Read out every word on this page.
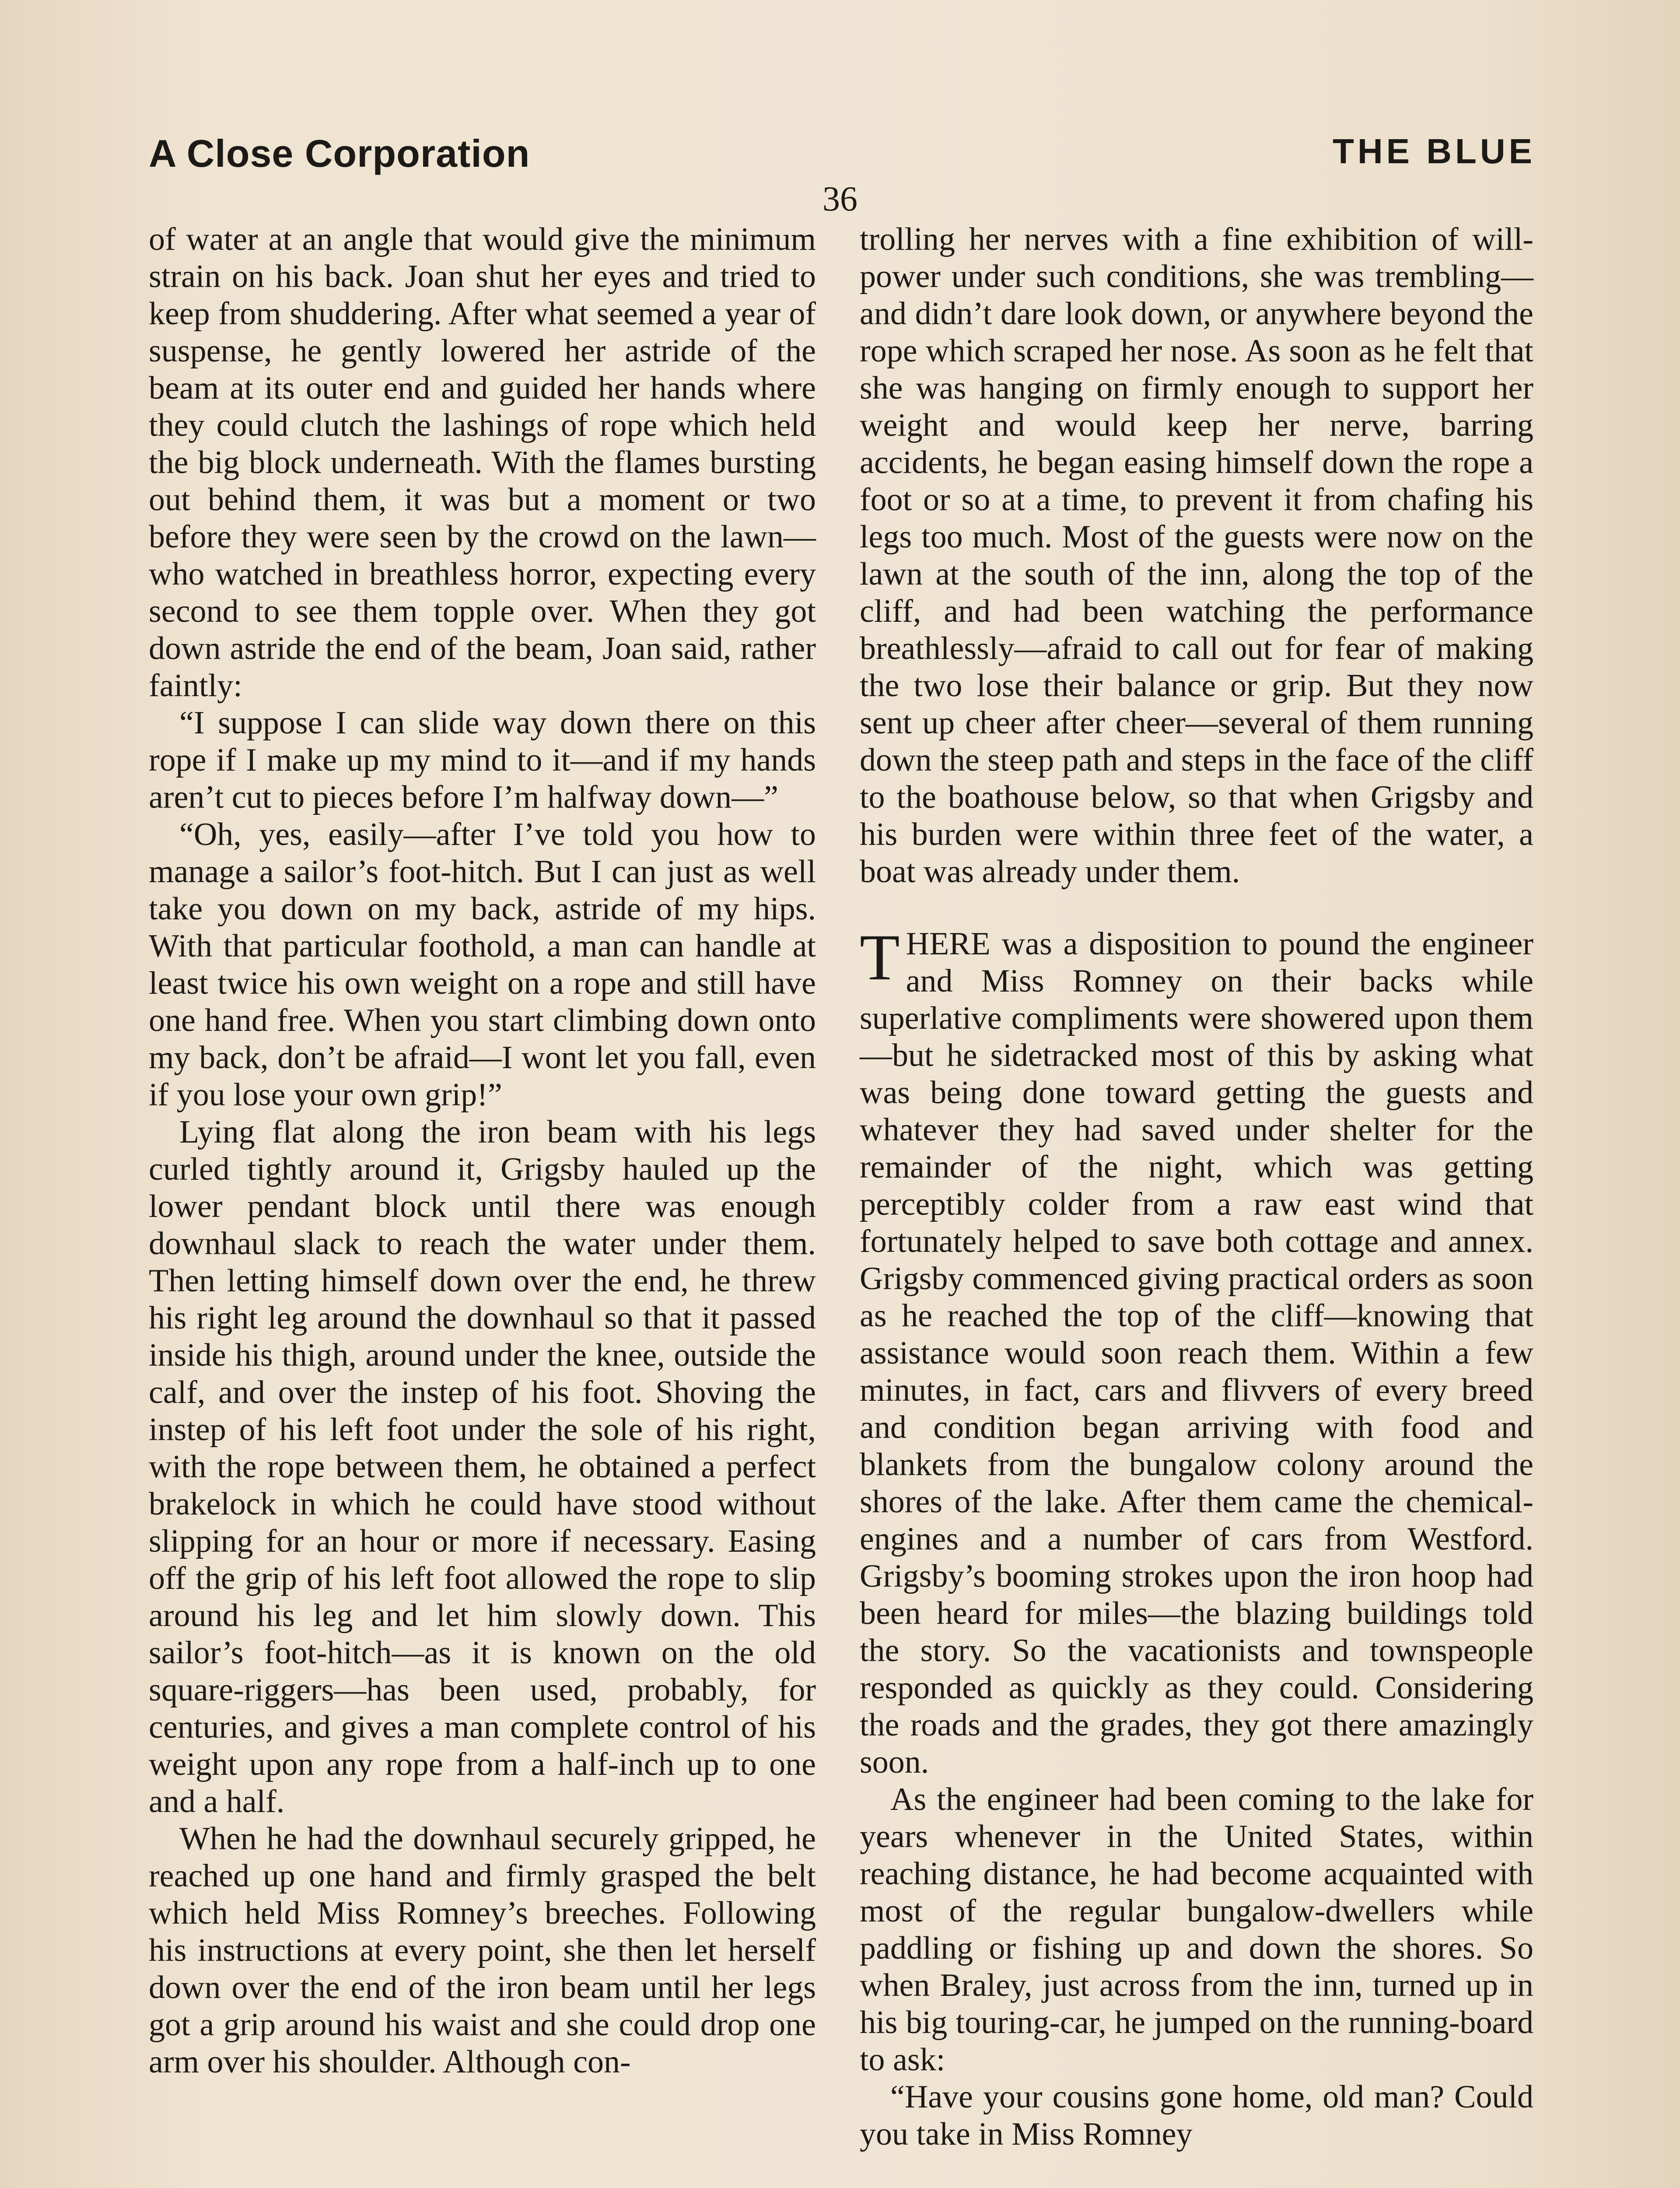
A Close Corporation	THE BLUE
36

of water at an angle that would give the minimum strain on his back. Joan shut her eyes and tried to keep from shuddering. After what seemed a year of suspense, he gently lowered her astride of the beam at its outer end and guided her hands where they could clutch the lashings of rope which held the big block underneath. With the flames bursting out behind them, it was but a moment or two before they were seen by the crowd on the lawn—who watched in breathless horror, expecting every second to see them topple over. When they got down astride the end of the beam, Joan said, rather faintly:

“I suppose I can slide way down there on this rope if I make up my mind to it—and if my hands aren’t cut to pieces before I’m halfway down—”

“Oh, yes, easily—after I’ve told you how to manage a sailor’s foot-hitch. But I can just as well take you down on my back, astride of my hips. With that particular foothold, a man can handle at least twice his own weight on a rope and still have one hand free. When you start climbing down onto my back, don’t be afraid—I wont let you fall, even if you lose your own grip!”

Lying flat along the iron beam with his legs curled tightly around it, Grigsby hauled up the lower pendant block until there was enough downhaul slack to reach the water under them. Then letting himself down over the end, he threw his right leg around the downhaul so that it passed inside his thigh, around under the knee, outside the calf, and over the instep of his foot. Shoving the instep of his left foot under the sole of his right, with the rope between them, he obtained a perfect brakelock in which he could have stood without slipping for an hour or more if necessary. Easing off the grip of his left foot allowed the rope to slip around his leg and let him slowly down. This sailor’s foot-hitch—as it is known on the old square-riggers—has been used, probably, for centuries, and gives a man complete control of his weight upon any rope from a half-inch up to one and a half.

When he had the downhaul securely gripped, he reached up one hand and firmly grasped the belt which held Miss Romney’s breeches. Following his instructions at every point, she then let herself down over the end of the iron beam until her legs got a grip around his waist and she could drop one arm over his shoulder. Although con-

trolling her nerves with a fine exhibition of will-power under such conditions, she was trembling—and didn’t dare look down, or anywhere beyond the rope which scraped her nose. As soon as he felt that she was hanging on firmly enough to support her weight and would keep her nerve, barring accidents, he began easing himself down the rope a foot or so at a time, to prevent it from chafing his legs too much. Most of the guests were now on the lawn at the south of the inn, along the top of the cliff, and had been watching the performance breathlessly—afraid to call out for fear of making the two lose their balance or grip. But they now sent up cheer after cheer—several of them running down the steep path and steps in the face of the cliff to the boathouse below, so that when Grigsby and his burden were within three feet of the water, a boat was already under them.

THERE was a disposition to pound the engineer and Miss Romney on their backs while superlative compliments were showered upon them—but he sidetracked most of this by asking what was being done toward getting the guests and whatever they had saved under shelter for the remainder of the night, which was getting perceptibly colder from a raw east wind that fortunately helped to save both cottage and annex. Grigsby commenced giving practical orders as soon as he reached the top of the cliff—knowing that assistance would soon reach them. Within a few minutes, in fact, cars and flivvers of every breed and condition began arriving with food and blankets from the bungalow colony around the shores of the lake. After them came the chemical-engines and a number of cars from Westford. Grigsby’s booming strokes upon the iron hoop had been heard for miles—the blazing buildings told the story. So the vacationists and townspeople responded as quickly as they could. Considering the roads and the grades, they got there amazingly soon.

As the engineer had been coming to the lake for years whenever in the United States, within reaching distance, he had become acquainted with most of the regular bungalow-dwellers while paddling or fishing up and down the shores. So when Braley, just across from the inn, turned up in his big touring-car, he jumped on the running-board to ask:

“Have your cousins gone home, old man? Could you take in Miss Romney
